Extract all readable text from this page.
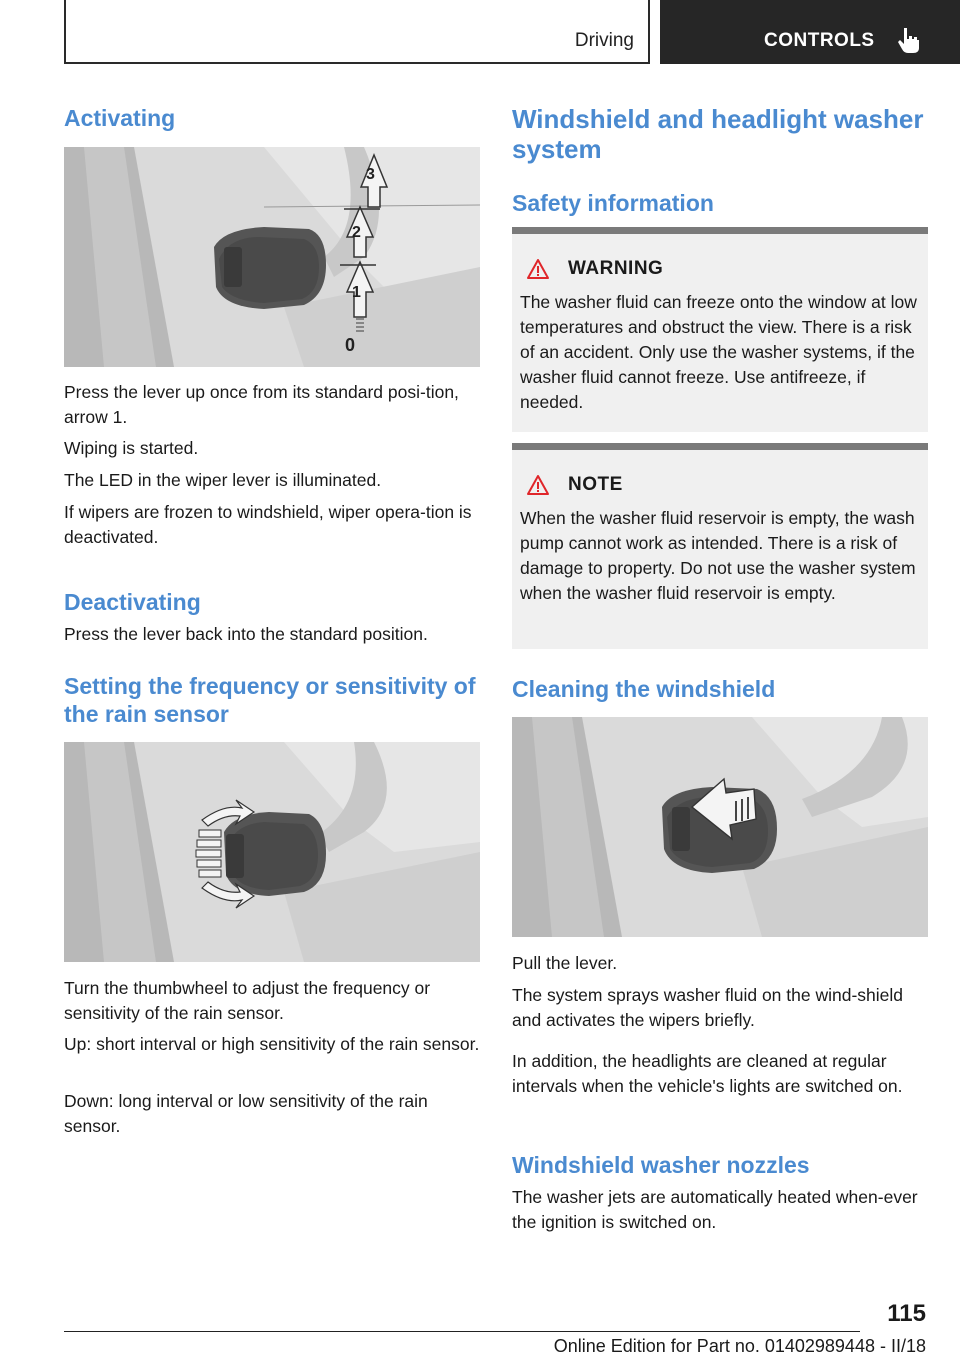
Driving	CONTROLS
Activating
3
2
1
0

Press the lever up once from its standard posi‐tion, arrow 1.

Wiping is started.

The LED in the wiper lever is illuminated.

If wipers are frozen to windshield, wiper opera‐tion is deactivated.

Deactivating

Press the lever back into the standard position.

Setting the frequency or sensitivity of the rain sensor

Turn the thumbwheel to adjust the frequency or sensitivity of the rain sensor.

Up: short interval or high sensitivity of the rain sensor.

Down: long interval or low sensitivity of the rain sensor.

Windshield and headlight washer system
Safety information
WARNING

The washer fluid can freeze onto the window at low temperatures and obstruct the view. There is a risk of an accident. Only use the washer systems, if the washer fluid cannot freeze. Use antifreeze, if needed.

NOTE

When the washer fluid reservoir is empty, the wash pump cannot work as intended. There is a risk of damage to property. Do not use the washer system when the washer fluid reservoir is empty.

Cleaning the windshield

Pull the lever.

The system sprays washer fluid on the wind‐shield and activates the wipers briefly.

In addition, the headlights are cleaned at regular intervals when the vehicle's lights are switched on.

Windshield washer nozzles

The washer jets are automatically heated when‐ever the ignition is switched on.

115
Online Edition for Part no. 01402989448 - II/18
